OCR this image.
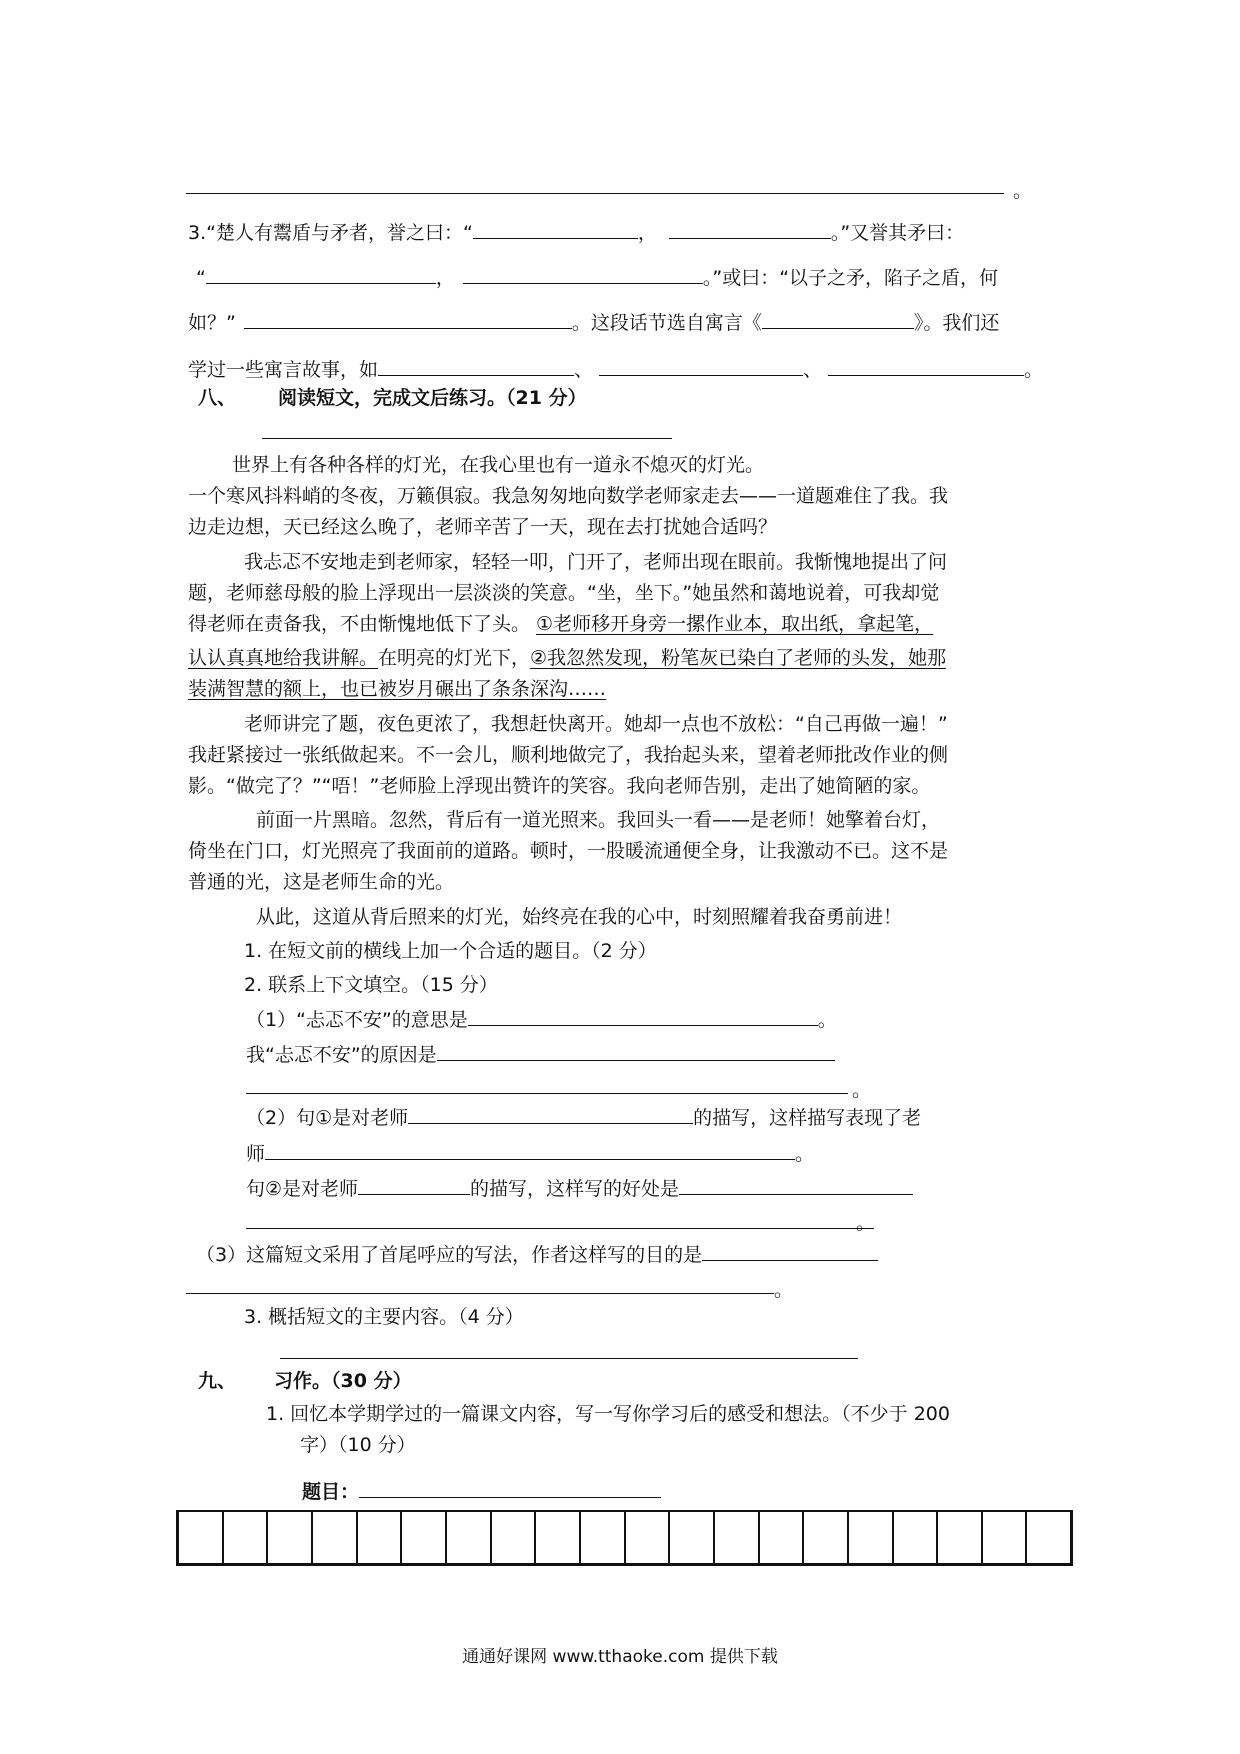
。
3.“楚人有鬻盾与矛者，誉之曰：“	，	。”又誉其矛曰：
“	，	。”或曰：“以子之矛，陷子之盾，何
如？”	。这段话节选自寓言《	》。我们还
学过一些寓言故事，如	、	、	。
八、 阅读短文，完成文后练习。（21 分）
世界上有各种各样的灯光，在我心里也有一道永不熄灭的灯光。
一个寒风抖料峭的冬夜，万籁俱寂。我急匆匆地向数学老师家走去——一道题难住了我。我
边走边想，天已经这么晚了，老师辛苦了一天，现在去打扰她合适吗？
我忐忑不安地走到老师家，轻轻一叩，门开了，老师出现在眼前。我惭愧地提出了问
题，老师慈母般的脸上浮现出一层淡淡的笑意。“坐，坐下。”她虽然和蔼地说着，可我却觉
得老师在责备我，不由惭愧地低下了头。 ①老师移开身旁一摞作业本，取出纸，拿起笔，
认认真真地给我讲解。在明亮的灯光下，②我忽然发现，粉笔灰已染白了老师的头发，她那
装满智慧的额上，也已被岁月碾出了条条深沟……
老师讲完了题，夜色更浓了，我想赶快离开。她却一点也不放松：“自己再做一遍！”
我赶紧接过一张纸做起来。不一会儿，顺利地做完了，我抬起头来，望着老师批改作业的侧
影。“做完了？”“唔！”老师脸上浮现出赞许的笑容。我向老师告别，走出了她简陋的家。
前面一片黑暗。忽然，背后有一道光照来。我回头一看——是老师！她擎着台灯，
倚坐在门口，灯光照亮了我面前的道路。顿时，一股暖流通便全身，让我激动不已。这不是
普通的光，这是老师生命的光。
从此，这道从背后照来的灯光，始终亮在我的心中，时刻照耀着我奋勇前进！
1. 在短文前的横线上加一个合适的题目。（2 分）
2. 联系上下文填空。（15 分）
（1）“忐忑不安”的意思是	。
我“忐忑不安”的原因是
。
（2）句①是对老师	的描写，这样描写表现了老
师	。
句②是对老师	的描写，这样写的好处是
。
（3）这篇短文采用了首尾呼应的写法，作者这样写的目的是
。
3. 概括短文的主要内容。（4 分）
九、 习作。（30 分）
1. 回忆本学期学过的一篇课文内容，写一写你学习后的感受和想法。（不少于 200
字）（10 分）
题目：
通通好课网 www.tthaoke.com 提供下载
